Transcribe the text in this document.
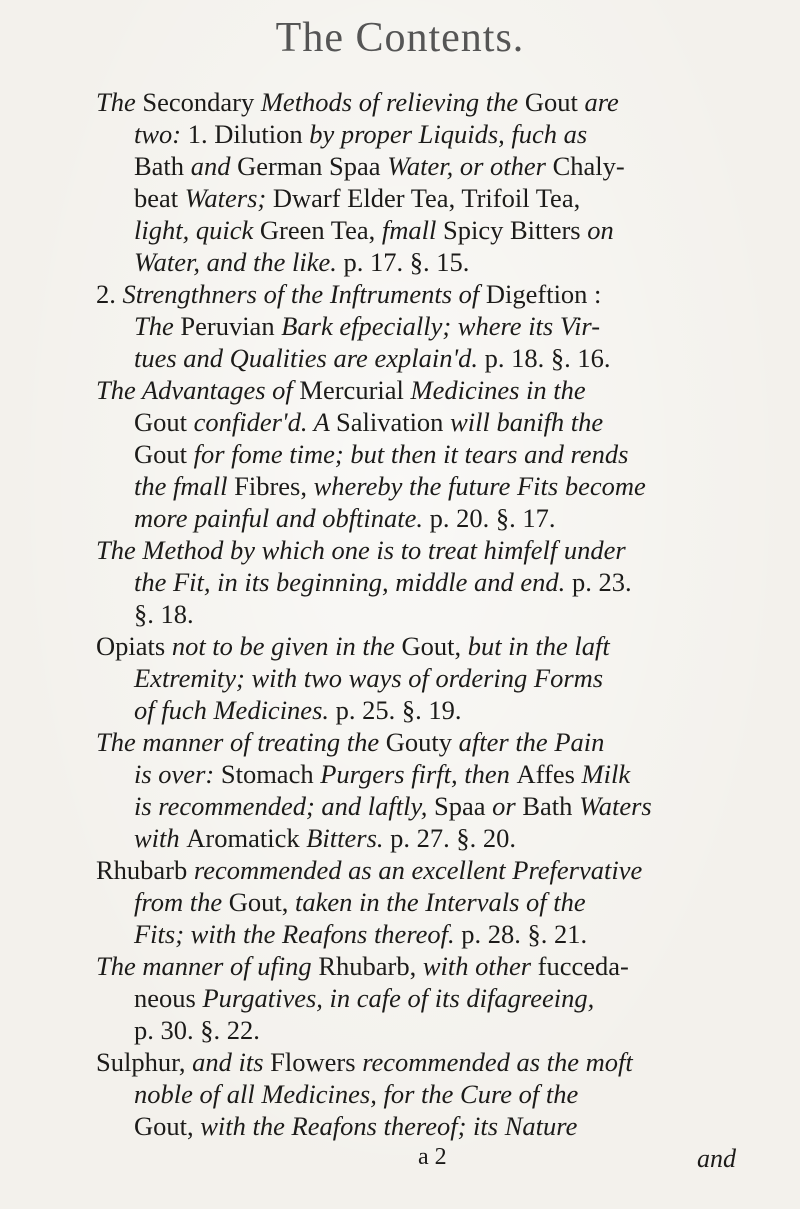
The Contents.
The Secondary Methods of relieving the Gout are
two: 1. Dilution by proper Liquids, fuch as
Bath and German Spaa Water, or other Chaly-
beat Waters; Dwarf Elder Tea, Trifoil Tea,
light, quick Green Tea, fmall Spicy Bitters on
Water, and the like. p. 17. §. 15.
2. Strengthners of the Inftruments of Digeftion :
The Peruvian Bark efpecially; where its Vir-
tues and Qualities are explain'd. p. 18. §. 16.
The Advantages of Mercurial Medicines in the
Gout confider'd. A Salivation will banifh the
Gout for fome time; but then it tears and rends
the fmall Fibres, whereby the future Fits become
more painful and obftinate. p. 20. §. 17.
The Method by which one is to treat himfelf under
the Fit, in its beginning, middle and end. p. 23.
§. 18.
Opiats not to be given in the Gout, but in the laft
Extremity; with two ways of ordering Forms
of fuch Medicines. p. 25. §. 19.
The manner of treating the Gouty after the Pain
is over: Stomach Purgers firft, then Affes Milk
is recommended; and laftly, Spaa or Bath Waters
with Aromatick Bitters. p. 27. §. 20.
Rhubarb recommended as an excellent Prefervative
from the Gout, taken in the Intervals of the
Fits; with the Reafons thereof. p. 28. §. 21.
The manner of ufing Rhubarb, with other fucceda-
neous Purgatives, in cafe of its difagreeing,
p. 30. §. 22.
Sulphur, and its Flowers recommended as the moft
noble of all Medicines, for the Cure of the
Gout, with the Reafons thereof; its Nature
a 2	and
